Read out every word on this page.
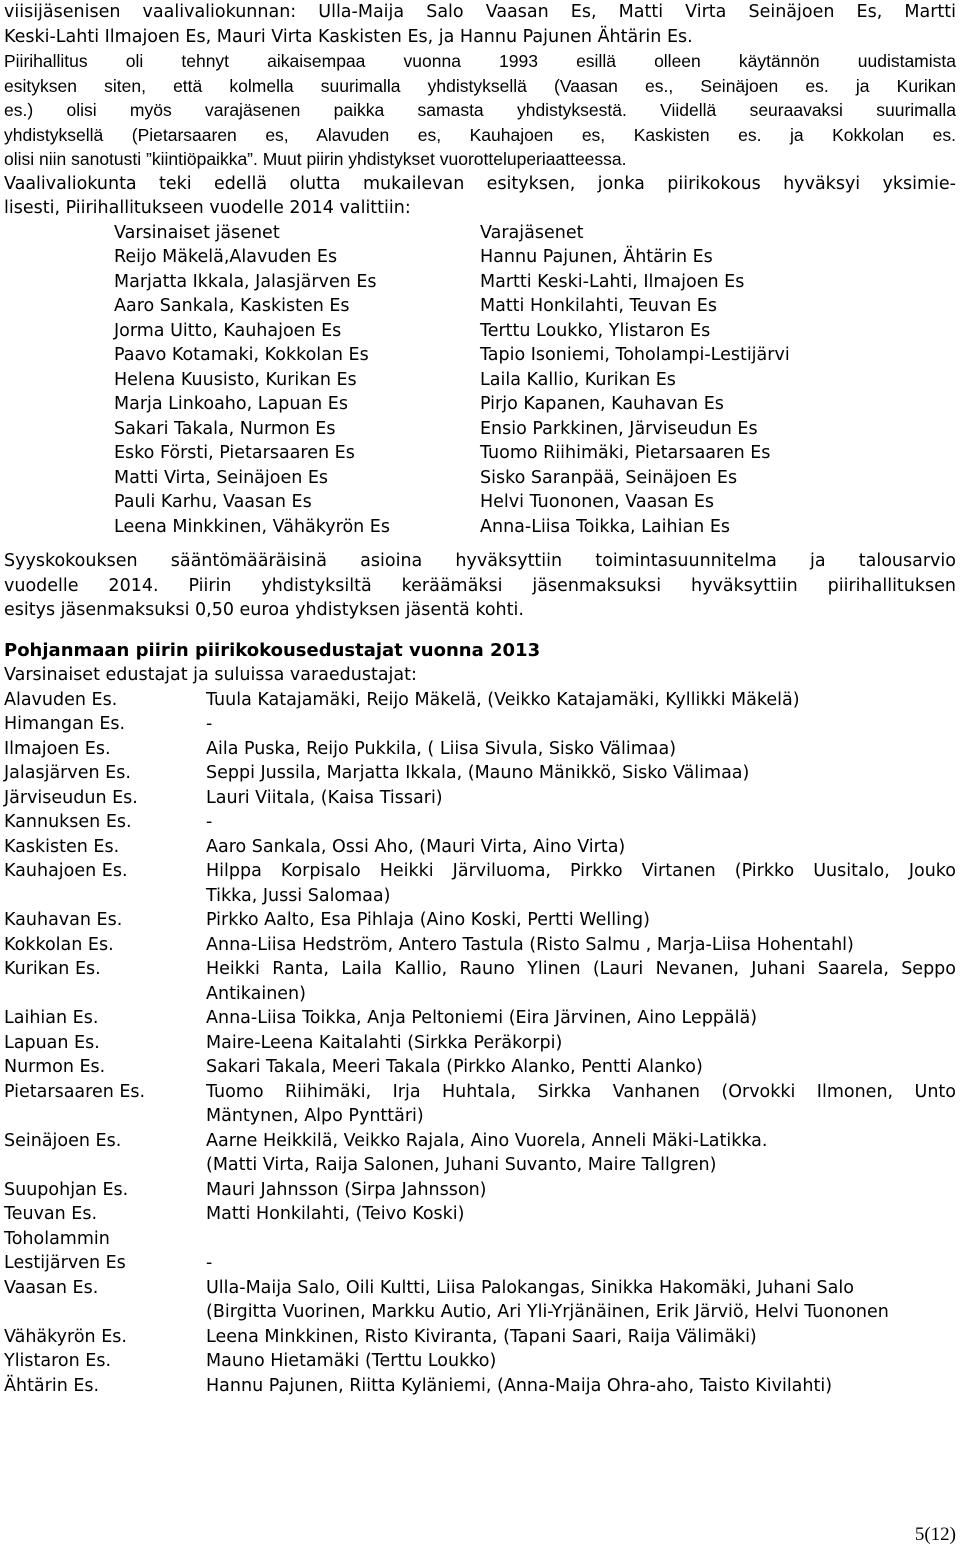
viisijäsenisen vaalivaliokunnan: Ulla-Maija Salo Vaasan Es, Matti Virta Seinäjoen Es, Martti
Keski-Lahti Ilmajoen Es, Mauri Virta Kaskisten Es, ja Hannu Pajunen Ähtärin Es.
Piirihallitus oli tehnyt aikaisempaa vuonna 1993 esillä olleen käytännön uudistamista
esityksen siten, että kolmella suurimalla yhdistyksellä (Vaasan es., Seinäjoen es. ja Kurikan
es.) olisi myös varajäsenen paikka samasta yhdistyksestä. Viidellä seuraavaksi suurimalla
yhdistyksellä (Pietarsaaren es, Alavuden es, Kauhajoen es, Kaskisten es. ja Kokkolan es.
olisi niin sanotusti ”kiintiöpaikka”. Muut piirin yhdistykset vuorotteluperiaatteessa.
Vaalivaliokunta teki edellä olutta mukailevan esityksen, jonka piirikokous hyväksyi yksimie-
lisesti, Piirihallitukseen vuodelle 2014 valittiin:
Varsinaiset jäsenet	Varajäsenet
Reijo Mäkelä,Alavuden Es	Hannu Pajunen, Ähtärin Es
Marjatta Ikkala, Jalasjärven Es	Martti Keski-Lahti, Ilmajoen Es
Aaro Sankala, Kaskisten Es	Matti Honkilahti, Teuvan Es
Jorma Uitto, Kauhajoen Es	Terttu Loukko, Ylistaron Es
Paavo Kotamaki, Kokkolan Es	Tapio Isoniemi, Toholampi-Lestijärvi
Helena Kuusisto, Kurikan Es	Laila Kallio, Kurikan Es
Marja Linkoaho, Lapuan Es	Pirjo Kapanen, Kauhavan Es
Sakari Takala, Nurmon Es	Ensio Parkkinen, Järviseudun Es
Esko Försti, Pietarsaaren Es	Tuomo Riihimäki, Pietarsaaren Es
Matti Virta, Seinäjoen Es	Sisko Saranpää, Seinäjoen Es
Pauli Karhu, Vaasan Es	Helvi Tuononen, Vaasan Es
Leena Minkkinen, Vähäkyrön Es	Anna-Liisa Toikka, Laihian Es
Syyskokouksen sääntömääräisinä asioina hyväksyttiin toimintasuunnitelma ja talousarvio
vuodelle 2014. Piirin yhdistyksiltä keräämäksi jäsenmaksuksi hyväksyttiin piirihallituksen
esitys jäsenmaksuksi 0,50 euroa yhdistyksen jäsentä kohti.
Pohjanmaan piirin piirikokousedustajat vuonna 2013
Varsinaiset edustajat ja suluissa varaedustajat:
Alavuden Es.	Tuula Katajamäki, Reijo Mäkelä, (Veikko Katajamäki, Kyllikki Mäkelä)
Himangan Es.	-
Ilmajoen Es.	Aila Puska, Reijo Pukkila, ( Liisa Sivula, Sisko Välimaa)
Jalasjärven Es.	Seppi Jussila, Marjatta Ikkala, (Mauno Mänikkö, Sisko Välimaa)
Järviseudun Es.	Lauri Viitala, (Kaisa Tissari)
Kannuksen Es.	-
Kaskisten Es.	Aaro Sankala, Ossi Aho, (Mauri Virta, Aino Virta)
Kauhajoen Es.	Hilppa Korpisalo Heikki Järviluoma, Pirkko Virtanen (Pirkko Uusitalo, Jouko
Tikka, Jussi Salomaa)
Kauhavan Es.	Pirkko Aalto, Esa Pihlaja (Aino Koski, Pertti Welling)
Kokkolan Es.	Anna-Liisa Hedström, Antero Tastula (Risto Salmu , Marja-Liisa Hohentahl)
Kurikan Es.	Heikki Ranta, Laila Kallio, Rauno Ylinen (Lauri Nevanen, Juhani Saarela, Seppo
Antikainen)
Laihian Es.	Anna-Liisa Toikka, Anja Peltoniemi (Eira Järvinen, Aino Leppälä)
Lapuan Es.	Maire-Leena Kaitalahti (Sirkka Peräkorpi)
Nurmon Es.	Sakari Takala, Meeri Takala (Pirkko Alanko, Pentti Alanko)
Pietarsaaren Es.	Tuomo Riihimäki, Irja Huhtala, Sirkka Vanhanen (Orvokki Ilmonen, Unto
Mäntynen, Alpo Pynttäri)
Seinäjoen Es.	Aarne Heikkilä, Veikko Rajala, Aino Vuorela, Anneli Mäki-Latikka.
(Matti Virta, Raija Salonen, Juhani Suvanto, Maire Tallgren)
Suupohjan Es.	Mauri Jahnsson (Sirpa Jahnsson)
Teuvan Es.	Matti Honkilahti, (Teivo Koski)
Toholammin
Lestijärven Es	-
Vaasan Es.	Ulla-Maija Salo, Oili Kultti, Liisa Palokangas, Sinikka Hakomäki, Juhani Salo
(Birgitta Vuorinen, Markku Autio, Ari Yli-Yrjänäinen, Erik Järviö, Helvi Tuononen
Vähäkyrön Es.	Leena Minkkinen, Risto Kiviranta, (Tapani Saari, Raija Välimäki)
Ylistaron Es.	Mauno Hietamäki (Terttu Loukko)
Ähtärin Es.	Hannu Pajunen, Riitta Kyläniemi, (Anna-Maija Ohra-aho, Taisto Kivilahti)
5(12)
